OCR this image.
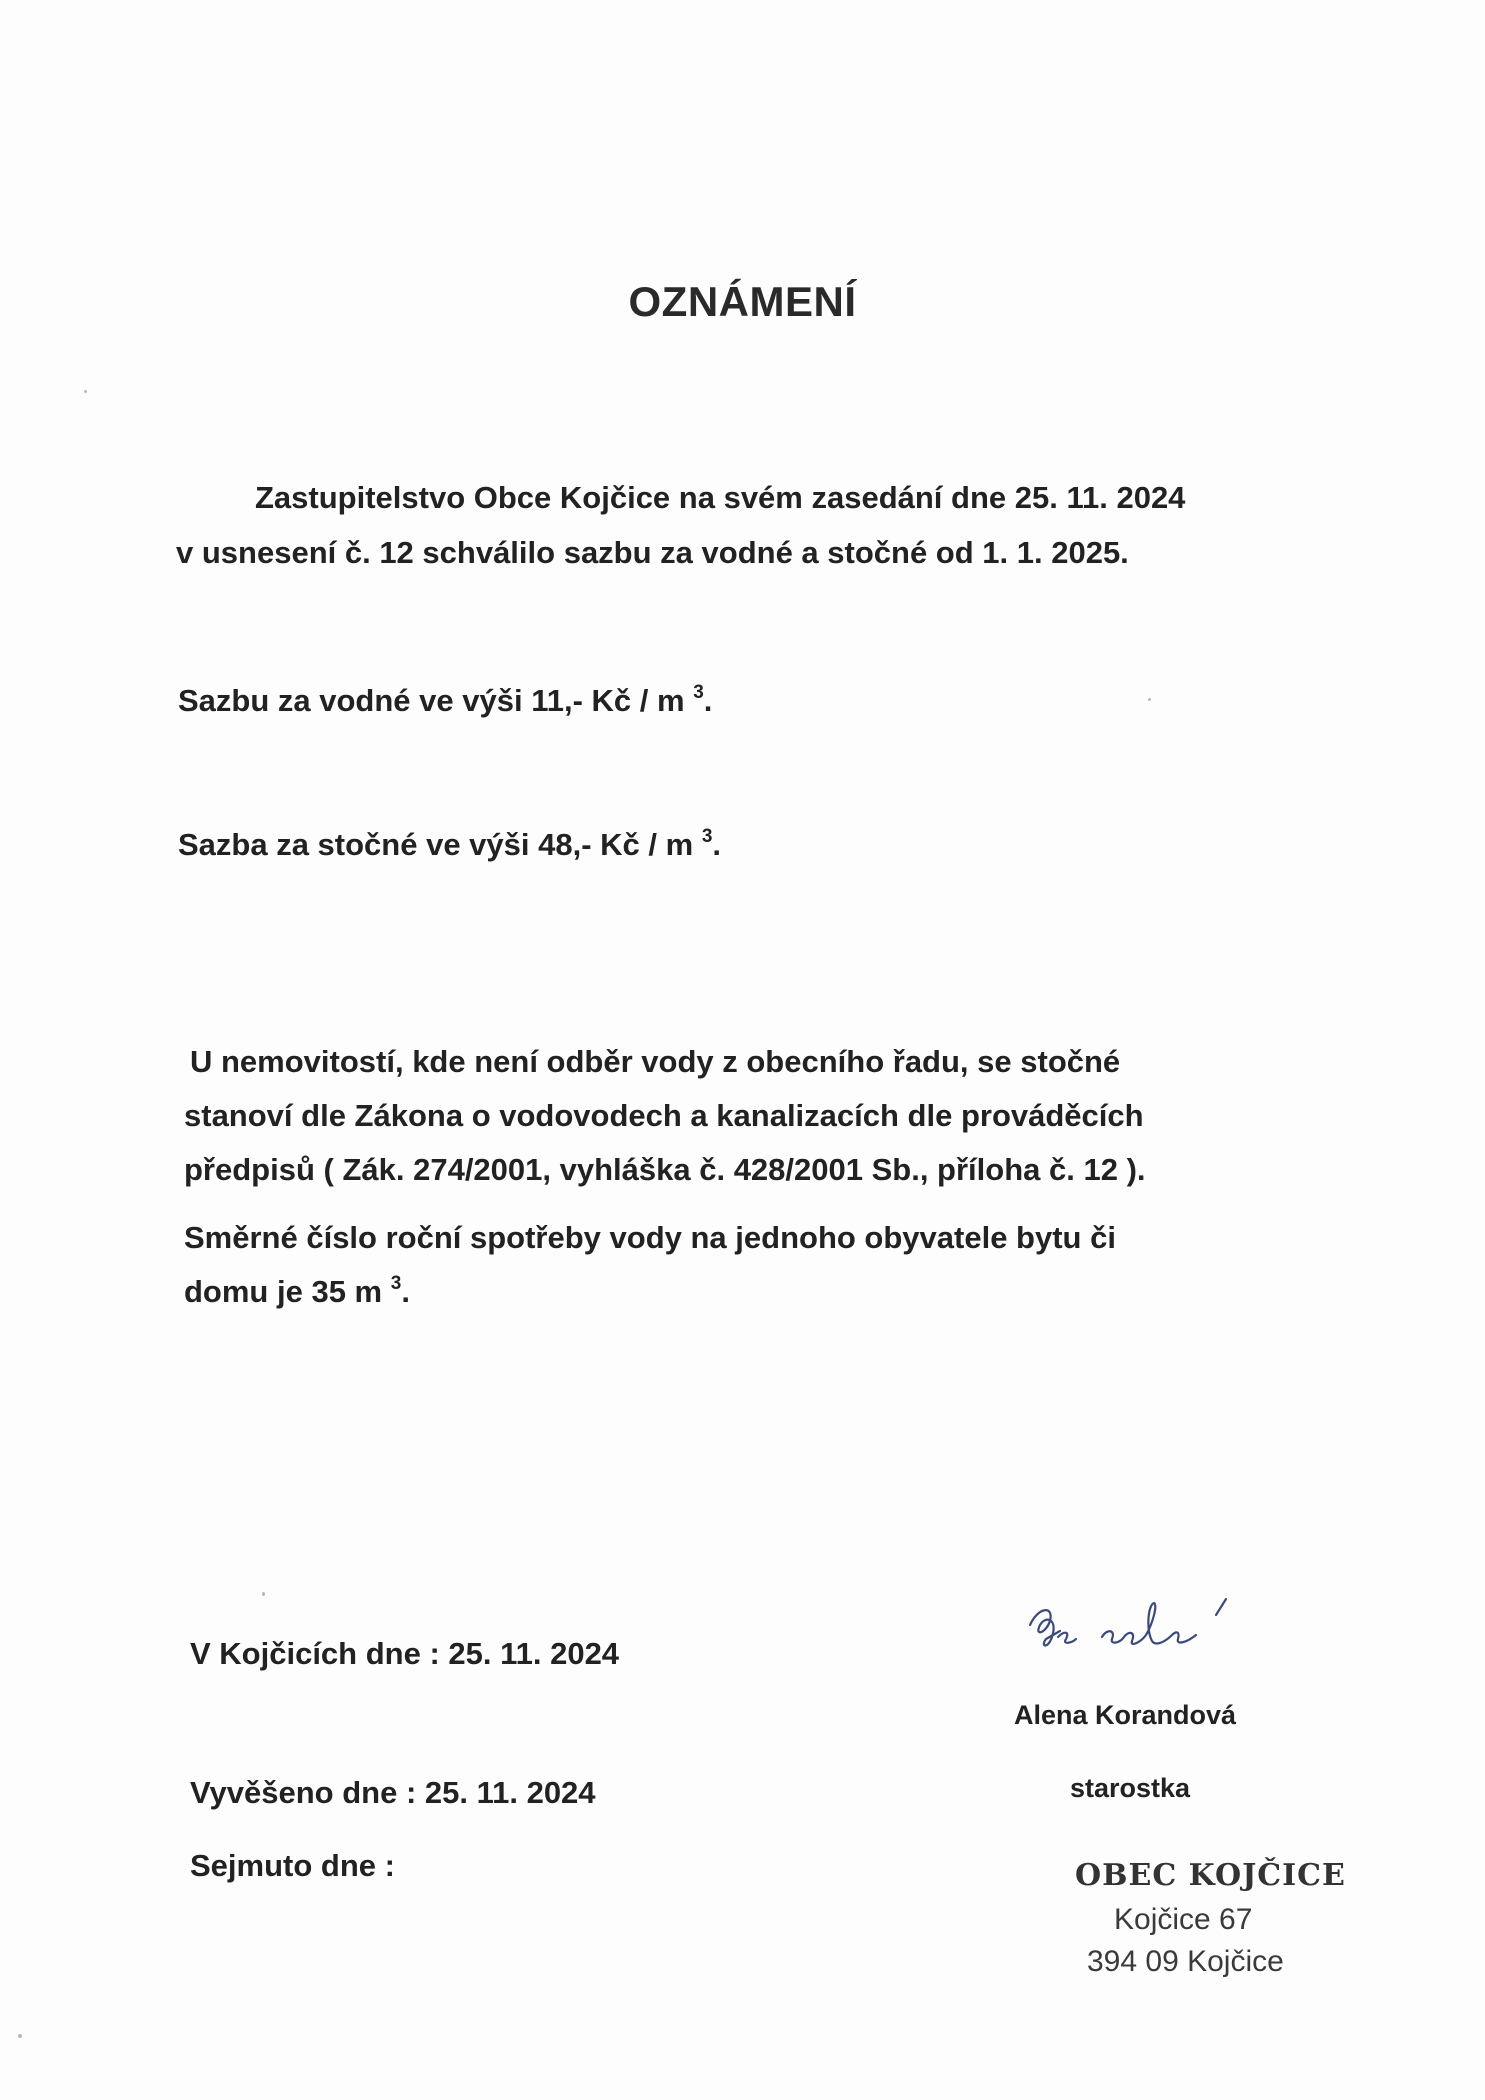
OZNÁMENÍ
Zastupitelstvo Obce Kojčice na svém zasedání dne 25. 11. 2024
v usnesení č. 12 schválilo sazbu za vodné a stočné od 1. 1. 2025.
Sazbu za vodné ve výši 11,- Kč / m $^3$.
Sazba za stočné ve výši 48,- Kč / m $^3$.
U nemovitostí, kde není odběr vody z obecního řadu, se stočné
stanoví dle Zákona o vodovodech a kanalizacích dle prováděcích
předpisů ( Zák. 274/2001, vyhláška č. 428/2001 Sb., příloha č. 12 ).
Směrné číslo roční spotřeby vody na jednoho obyvatele bytu či
domu je 35 m $^3$.
V Kojčicích dne : 25. 11. 2024
Vyvěšeno dne : 25. 11. 2024
Sejmuto dne :
Alena Korandová
starostka
OBEC KOJČICE
Kojčice 67
394 09 Kojčice
